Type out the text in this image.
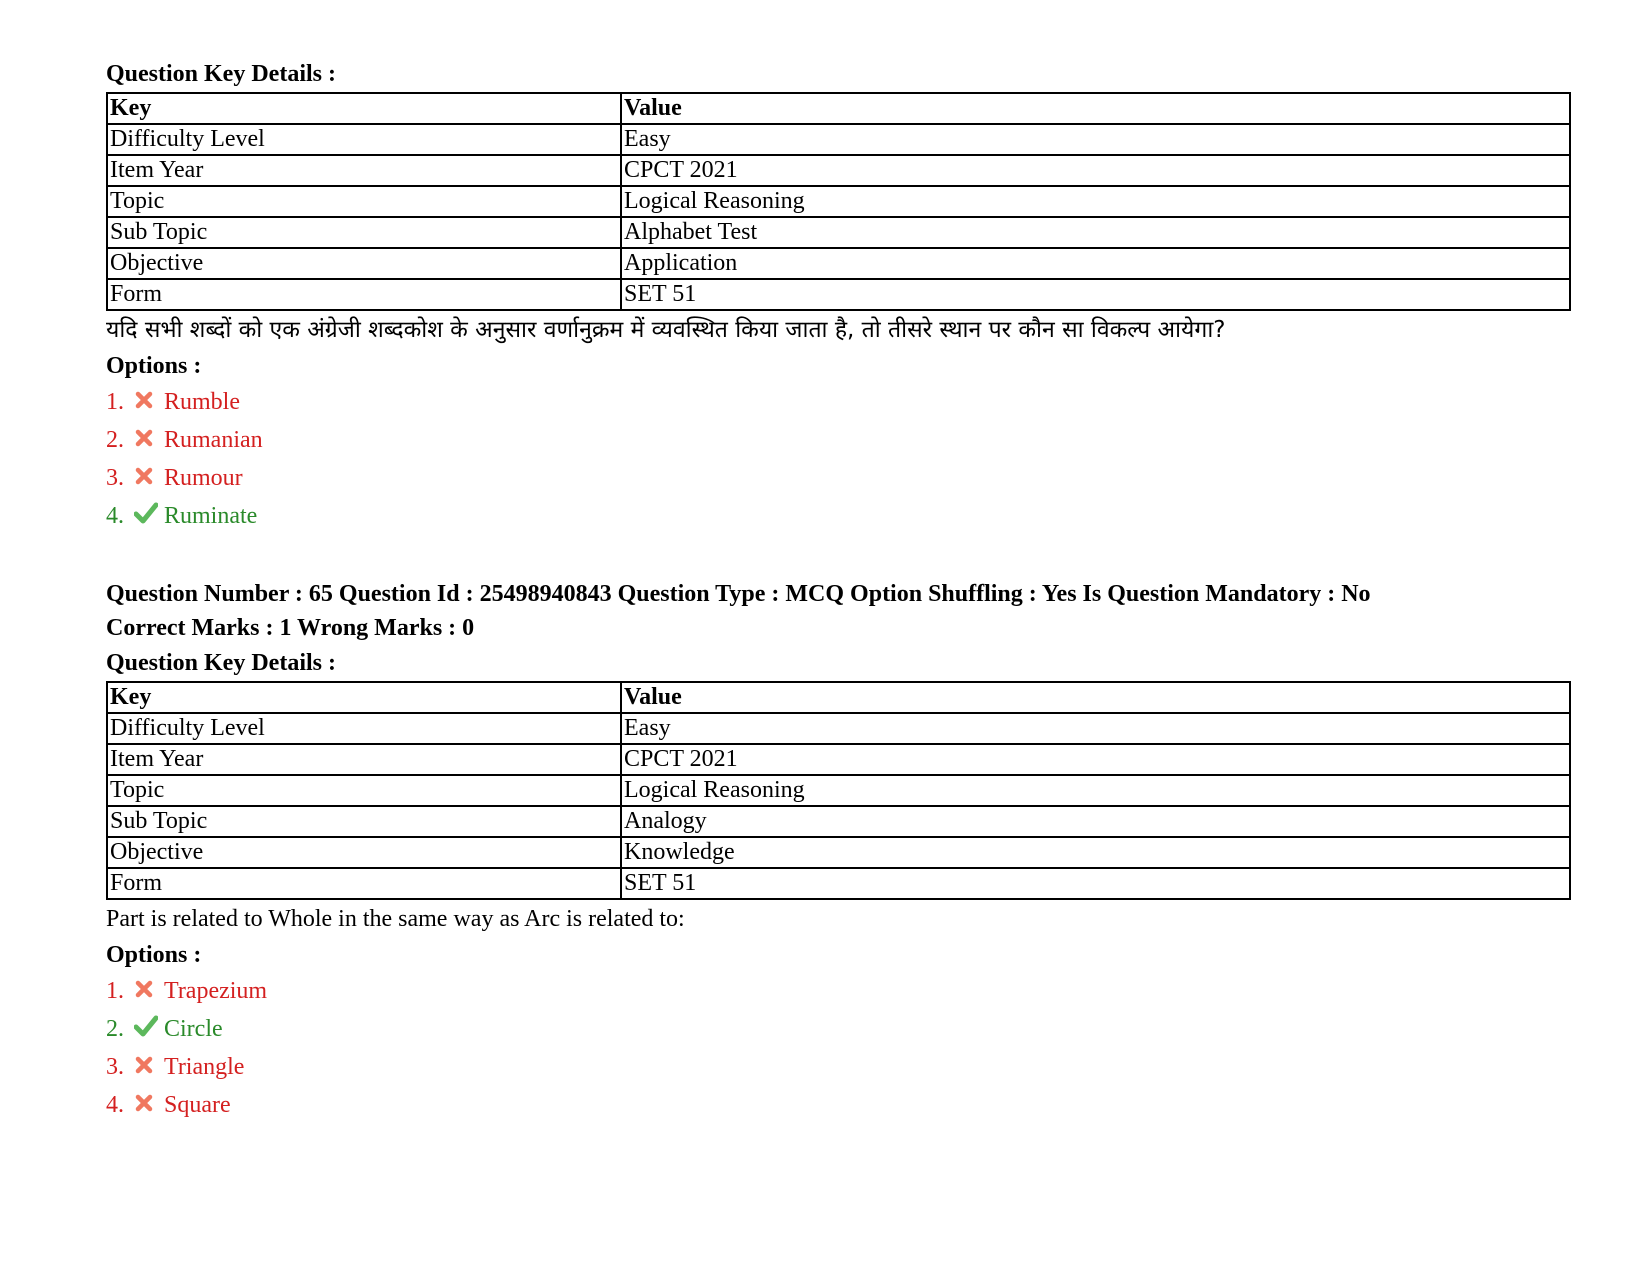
Question Key Details :
Key	Value
Difficulty Level	Easy
Item Year	CPCT 2021
Topic	Logical Reasoning
Sub Topic	Alphabet Test
Objective	Application
Form	SET 51
यदि सभी शब्दों को एक अंग्रेजी शब्दकोश के अनुसार वर्णानुक्रम में व्यवस्थित किया जाता है, तो तीसरे स्थान पर कौन सा विकल्प आयेगा?
Options :
1.	Rumble
2.	Rumanian
3.	Rumour
4.	Ruminate
Question Number : 65 Question Id : 25498940843 Question Type : MCQ Option Shuffling : Yes Is Question Mandatory : No
Correct Marks : 1 Wrong Marks : 0
Question Key Details :
Key	Value
Difficulty Level	Easy
Item Year	CPCT 2021
Topic	Logical Reasoning
Sub Topic	Analogy
Objective	Knowledge
Form	SET 51
Part is related to Whole in the same way as Arc is related to:
Options :
1.	Trapezium
2.	Circle
3.	Triangle
4.	Square
